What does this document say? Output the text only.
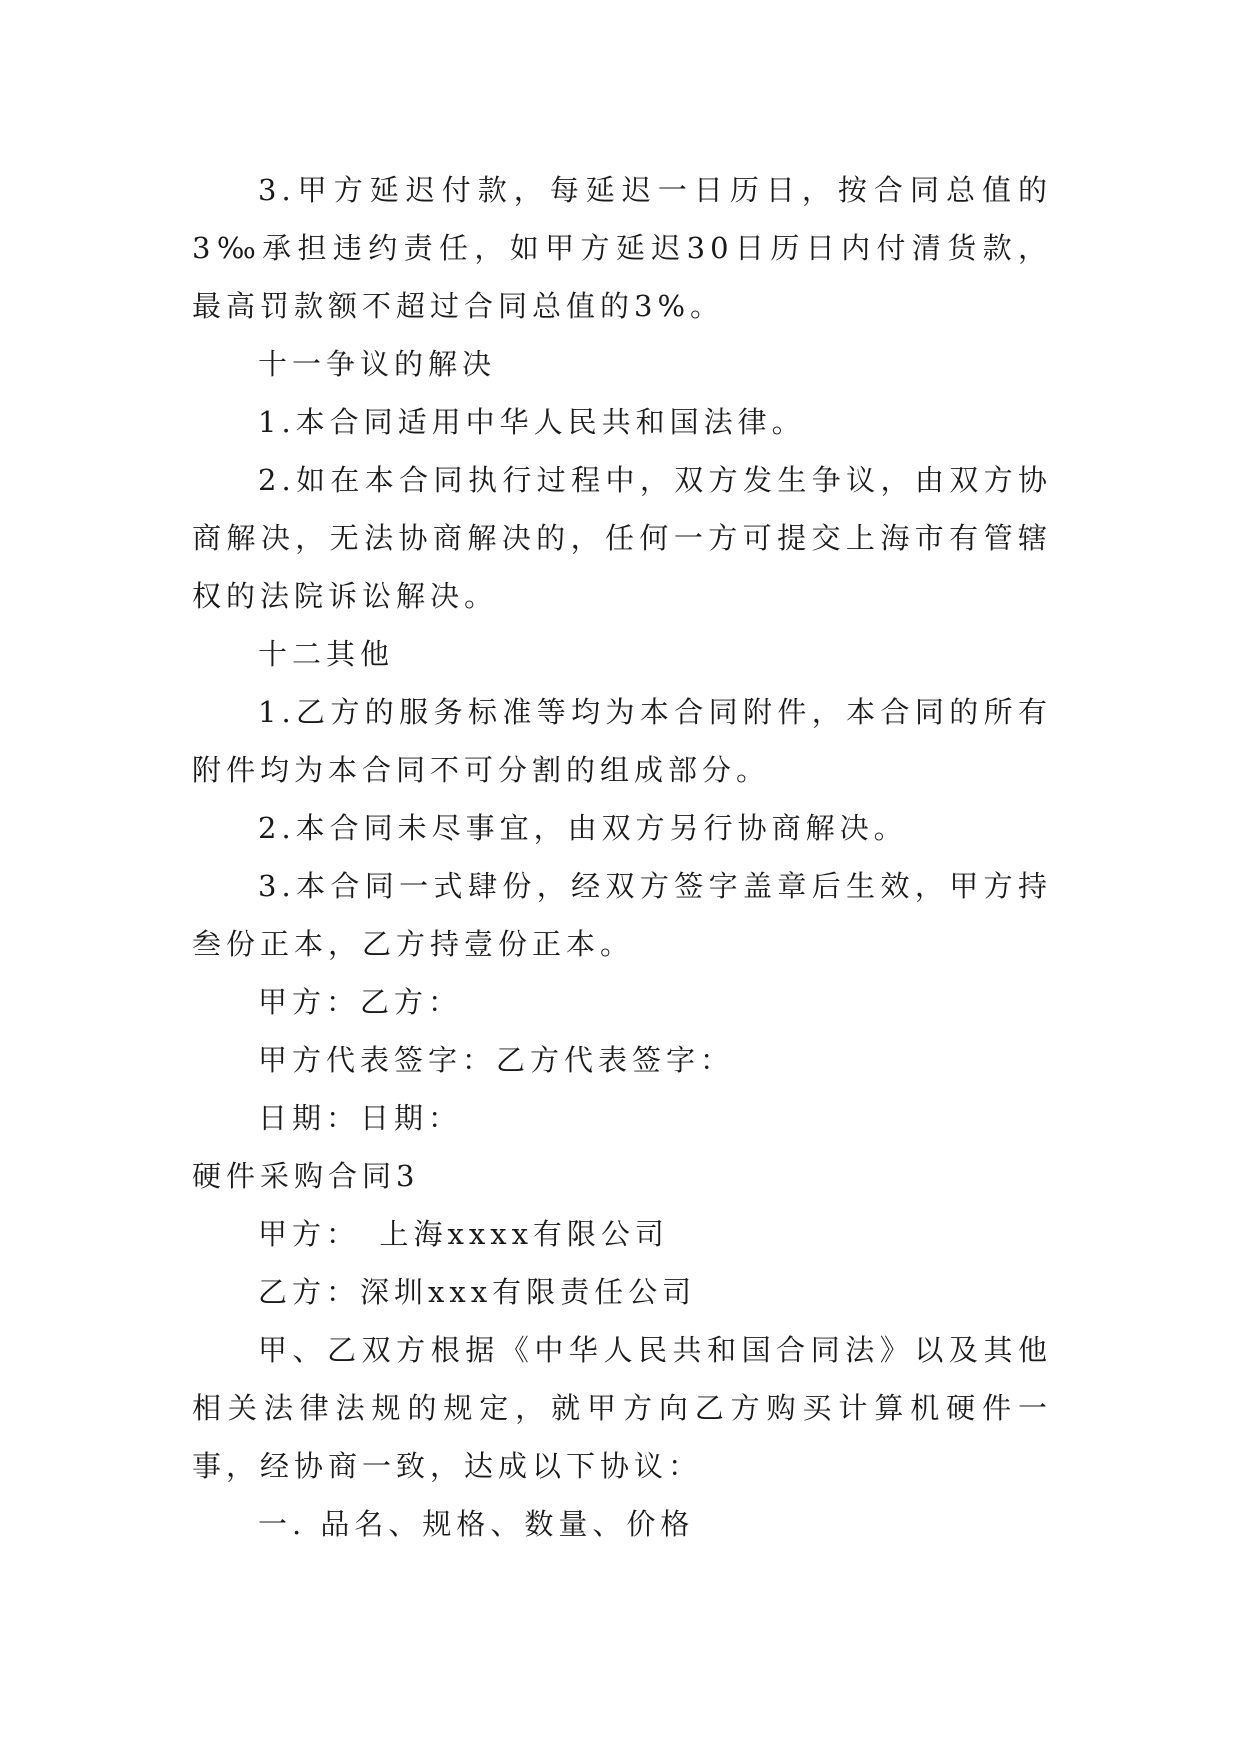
3.甲方延迟付款，每延迟一日历日，按合同总值的3‰承担违约责任，如甲方延迟30日历日内付清货款，最高罚款额不超过合同总值的3%。

十一争议的解决

1.本合同适用中华人民共和国法律。

2.如在本合同执行过程中，双方发生争议，由双方协商解决，无法协商解决的，任何一方可提交上海市有管辖权的法院诉讼解决。

十二其他

1.乙方的服务标准等均为本合同附件，本合同的所有附件均为本合同不可分割的组成部分。

2.本合同未尽事宜，由双方另行协商解决。

3.本合同一式肆份，经双方签字盖章后生效，甲方持叁份正本，乙方持壹份正本。

甲方：乙方：

甲方代表签字：乙方代表签字：

日期：日期：

硬件采购合同3

甲方：　上海xxxx有限公司

乙方：深圳xxx有限责任公司

甲、乙双方根据《中华人民共和国合同法》以及其他相关法律法规的规定，就甲方向乙方购买计算机硬件一事，经协商一致，达成以下协议：

一. 品名、规格、数量、价格
